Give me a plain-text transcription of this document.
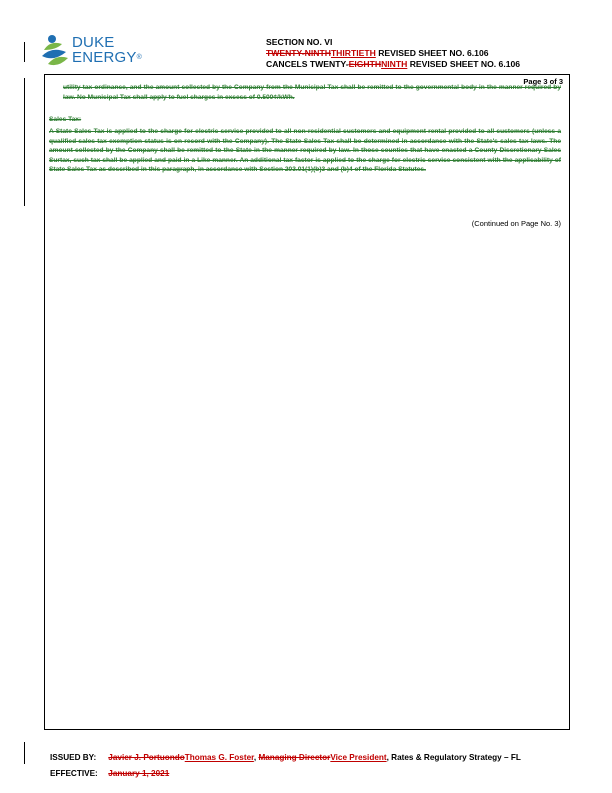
DUKE
ENERGY®
SECTION NO. VI
TWENTY-NINTHTHIRTIETH REVISED SHEET NO. 6.106
CANCELS TWENTY-EIGHTHNINTH REVISED SHEET NO. 6.106
Page 3 of 3
utility tax ordinance, and the amount collected by the Company from the Municipal Tax shall be remitted to the governmental body in the manner required by law. No Municipal Tax shall apply to fuel charges in excess of 0.500¢/kWh.
Sales Tax:
A State Sales Tax is applied to the charge for electric service provided to all non-residential customers and equipment rental provided to all customers (unless a qualified sales tax exemption status is on record with the Company). The State Sales Tax shall be determined in accordance with the State's sales tax laws. The amount collected by the Company shall be remitted to the State in the manner required by law. In those counties that have enacted a County Discretionary Sales Surtax, such tax shall be applied and paid in a Like manner. An additional tax factor is applied to the charge for electric service consistent with the applicability of State Sales Tax as described in this paragraph, in accordance with Section 203.01(1)(b)3 and (b)4 of the Florida Statutes.
(Continued on Page No. 3)
ISSUED BY: Javier J. PortuondoThomas G. Foster, Managing DirectorVice President, Rates & Regulatory Strategy – FL
EFFECTIVE: January 1, 2021
